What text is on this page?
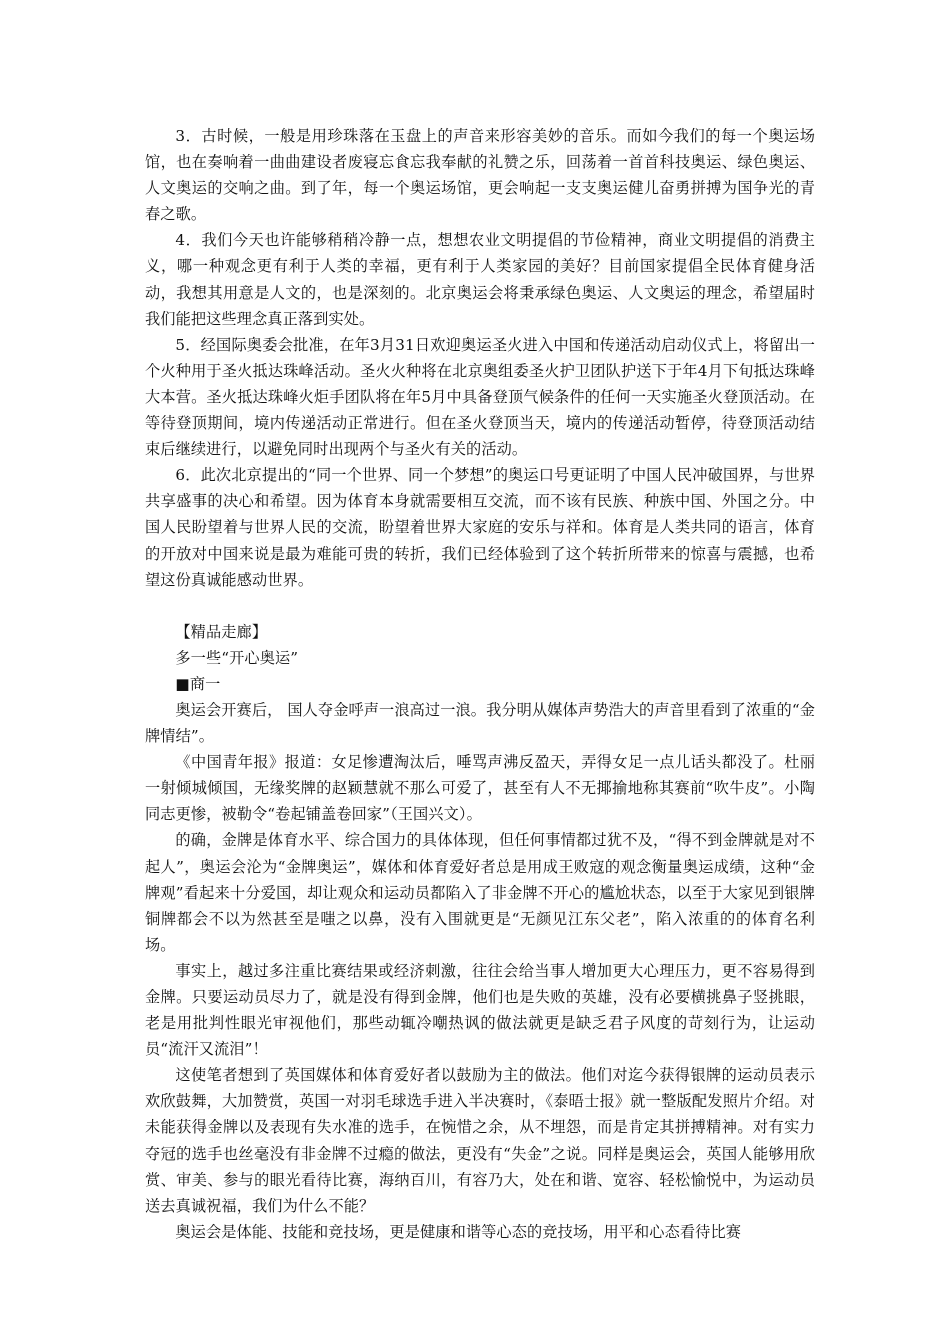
3．古时候，一般是用珍珠落在玉盘上的声音来形容美妙的音乐。而如今我们的每一个奥运场馆，也在奏响着一曲曲建设者废寝忘食忘我奉献的礼赞之乐，回荡着一首首科技奥运、绿色奥运、人文奥运的交响之曲。到了年，每一个奥运场馆，更会响起一支支奥运健儿奋勇拼搏为国争光的青春之歌。

4．我们今天也许能够稍稍冷静一点，想想农业文明提倡的节俭精神，商业文明提倡的消费主义，哪一种观念更有利于人类的幸福，更有利于人类家园的美好？目前国家提倡全民体育健身活动，我想其用意是人文的，也是深刻的。北京奥运会将秉承绿色奥运、人文奥运的理念，希望届时我们能把这些理念真正落到实处。

5．经国际奥委会批准，在年3月31日欢迎奥运圣火进入中国和传递活动启动仪式上，将留出一个火种用于圣火抵达珠峰活动。圣火火种将在北京奥组委圣火护卫团队护送下于年4月下旬抵达珠峰大本营。圣火抵达珠峰火炬手团队将在年5月中具备登顶气候条件的任何一天实施圣火登顶活动。在等待登顶期间，境内传递活动正常进行。但在圣火登顶当天，境内的传递活动暂停，待登顶活动结束后继续进行，以避免同时出现两个与圣火有关的活动。

6．此次北京提出的“同一个世界、同一个梦想”的奥运口号更证明了中国人民冲破国界，与世界共享盛事的决心和希望。因为体育本身就需要相互交流，而不该有民族、种族中国、外国之分。中国人民盼望着与世界人民的交流，盼望着世界大家庭的安乐与祥和。体育是人类共同的语言，体育的开放对中国来说是最为难能可贵的转折，我们已经体验到了这个转折所带来的惊喜与震撼，也希望这份真诚能感动世界。

【精品走廊】

多一些“开心奥运”

■商一

奥运会开赛后， 国人夺金呼声一浪高过一浪。我分明从媒体声势浩大的声音里看到了浓重的“金牌情结”。

《中国青年报》报道：女足惨遭淘汰后，唾骂声沸反盈天，弄得女足一点儿话头都没了。杜丽一射倾城倾国，无缘奖牌的赵颖慧就不那么可爱了，甚至有人不无揶揄地称其赛前“吹牛皮”。小陶同志更惨，被勒令“卷起铺盖卷回家”（王国兴文）。

的确，金牌是体育水平、综合国力的具体体现，但任何事情都过犹不及，“得不到金牌就是对不起人”，奥运会沦为“金牌奥运”，媒体和体育爱好者总是用成王败寇的观念衡量奥运成绩，这种“金牌观”看起来十分爱国，却让观众和运动员都陷入了非金牌不开心的尴尬状态，以至于大家见到银牌铜牌都会不以为然甚至是嗤之以鼻，没有入围就更是“无颜见江东父老”，陷入浓重的的体育名利场。

事实上，越过多注重比赛结果或经济刺激，往往会给当事人增加更大心理压力，更不容易得到金牌。只要运动员尽力了，就是没有得到金牌，他们也是失败的英雄，没有必要横挑鼻子竖挑眼，老是用批判性眼光审视他们，那些动辄冷嘲热讽的做法就更是缺乏君子风度的苛刻行为，让运动员“流汗又流泪”！

这使笔者想到了英国媒体和体育爱好者以鼓励为主的做法。他们对迄今获得银牌的运动员表示欢欣鼓舞，大加赞赏，英国一对羽毛球选手进入半决赛时，《泰晤士报》就一整版配发照片介绍。对未能获得金牌以及表现有失水准的选手，在惋惜之余，从不埋怨，而是肯定其拼搏精神。对有实力夺冠的选手也丝毫没有非金牌不过瘾的做法，更没有“失金”之说。同样是奥运会，英国人能够用欣赏、审美、参与的眼光看待比赛，海纳百川，有容乃大，处在和谐、宽容、轻松愉悦中，为运动员送去真诚祝福，我们为什么不能？

奥运会是体能、技能和竞技场，更是健康和谐等心态的竞技场，用平和心态看待比赛
